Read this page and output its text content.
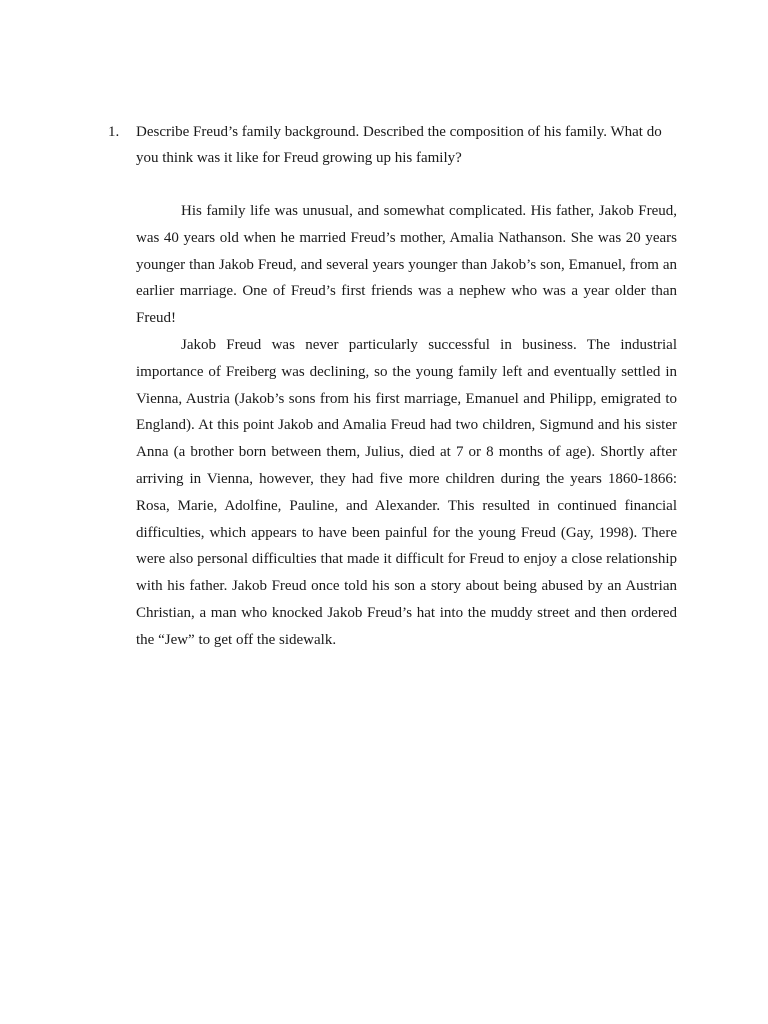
1. Describe Freud’s family background. Described the composition of his family. What do you think was it like for Freud growing up his family?

His family life was unusual, and somewhat complicated. His father, Jakob Freud, was 40 years old when he married Freud’s mother, Amalia Nathanson. She was 20 years younger than Jakob Freud, and several years younger than Jakob’s son, Emanuel, from an earlier marriage. One of Freud’s first friends was a nephew who was a year older than Freud!

Jakob Freud was never particularly successful in business. The industrial importance of Freiberg was declining, so the young family left and eventually settled in Vienna, Austria (Jakob’s sons from his first marriage, Emanuel and Philipp, emigrated to England). At this point Jakob and Amalia Freud had two children, Sigmund and his sister Anna (a brother born between them, Julius, died at 7 or 8 months of age). Shortly after arriving in Vienna, however, they had five more children during the years 1860-1866: Rosa, Marie, Adolfine, Pauline, and Alexander. This resulted in continued financial difficulties, which appears to have been painful for the young Freud (Gay, 1998). There were also personal difficulties that made it difficult for Freud to enjoy a close relationship with his father. Jakob Freud once told his son a story about being abused by an Austrian Christian, a man who knocked Jakob Freud’s hat into the muddy street and then ordered the “Jew” to get off the sidewalk.
